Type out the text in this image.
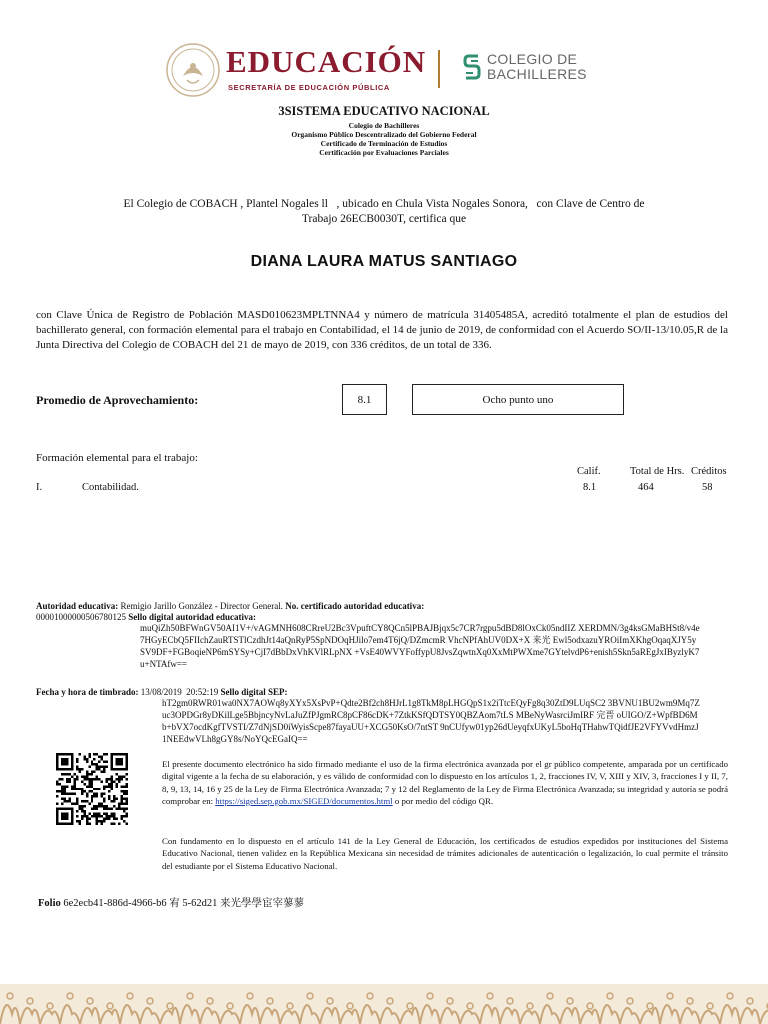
EDUCACIÓN
SECRETARÍA DE EDUCACIÓN PÚBLICA
COLEGIO DE
BACHILLERES
3SISTEMA EDUCATIVO NACIONAL
Colegio de Bachilleres
Organismo Público Descentralizado del Gobierno Federal
Certificado de Terminación de Estudios
Certificación por Evaluaciones Parciales
El Colegio de COBACH , Plantel Nogales ll   , ubicado en Chula Vista Nogales Sonora,   con Clave de Centro de
Trabajo 26ECB0030T, certifica que
DIANA LAURA MATUS SANTIAGO
con Clave Única de Registro de Población MASD010623MPLTNNA4 y número de matrícula 31405485A, acreditó totalmente el plan de estudios del bachillerato general, con formación elemental para el trabajo en Contabilidad, el 14 de junio de 2019, de conformidad con el Acuerdo SO/II-13/10.05,R de la Junta Directiva del Colegio de COBACH del 21 de mayo de 2019, con 336 créditos, de un total de 336.
Promedio de Aprovechamiento:	8.1	Ocho punto uno
Formación elemental para el trabajo:
Calif.	Total de Hrs. Créditos
I.	Contabilidad.	8.1	464	58
Autoridad educativa: Remigio Jarillo González - Director General. No. certificado autoridad educativa:
00001000000506780125 Sello digital autoridad educativa:
muQiZh50BFWnGV50AI1V+/vAGMNH608CRreU2Bc3VpuftCY8QCn5lPBAJBjqx5c7CR7rgpu5dBD8lOxCk05ndIIZ XERDMN/3g4ksGMaBHSt8/v4e7HGyECbQ5FIIchZauRTSTlCzdhJt14aQnRyP5SpNDOqHJilo7em4T6jQ/DZmcmR VhcNPfAhUV0DX+X 来光 Ewl5odxazuYROiImXKhgOqaqXJY5ySV9DF+FGBoqieNP6mSYSy+CjI7dBbDxVhKVlRLpNX +VsE40WVYFoffypU8JvsZqwtnXq0XxMtPWXme7GYtelvdP6+enish5Skn5aREgJxIByzlyK7u+NTAfw==
Fecha y hora de timbrado: 13/08/2019  20:52:19 Sello digital SEP:
hT2gm0RWR01wa0NX7AOWq8yXYx5XsPvP+Qdte2Bf2ch8HJrL1g8TkM8pLHGQpS1x2iTtcEQyFg8q30ZtD9LUqSC2 3BVNU1BU2wm9Mq7Zuc3OPDGr8yDKilLge5BbjncyNvLaJuZfPJgmRC8pCF86cDK+7ZtkKSfQDTSY0QBZAom7tLS MBeNyWasrciJmIRF 完晋 oUIGO/Z+WpfBD6Mb+bVX7ocdKgfTVSTI/Z7dNjSD0iWyisScpe87fayaUU+XCG50KsO/7ntST 9nCUfyw01yp26dUeyqfxUKyL5boHqTHahwTQidfJE2VFYVvdHmzJ1NEEdwVLh8gGY8s/NoYQcEGaIQ==
El presente documento electrónico ha sido firmado mediante el uso de la firma electrónica avanzada por el gr público competente, amparada por un certificado digital vigente a la fecha de su elaboración, y es válido de conformidad con lo dispuesto en los artículos 1, 2, fracciones IV, V, XIII y XIV, 3, fracciones I y II, 7, 8, 9, 13, 14, 16 y 25 de la Ley de Firma Electrónica Avanzada; 7 y 12 del Reglamento de la Ley de Firma Electrónica Avanzada; su integridad y autoría se podrá comprobar en: https://siged.sep.gob.mx/SIGED/documentos.html o por medio del código QR.
Con fundamento en lo dispuesto en el artículo 141 de la Ley General de Educación, los certificados de estudios expedidos por instituciones del Sistema Educativo Nacional, tienen validez en la República Mexicana sin necesidad de trámites adicionales de autenticación o legalización, lo cual permite el tránsito del estudiante por el Sistema Educativo Nacional.
Folio 6e2ecb41-886d-4966-b6 宥 5-62d21 来光學學宦宰蓼蓼
